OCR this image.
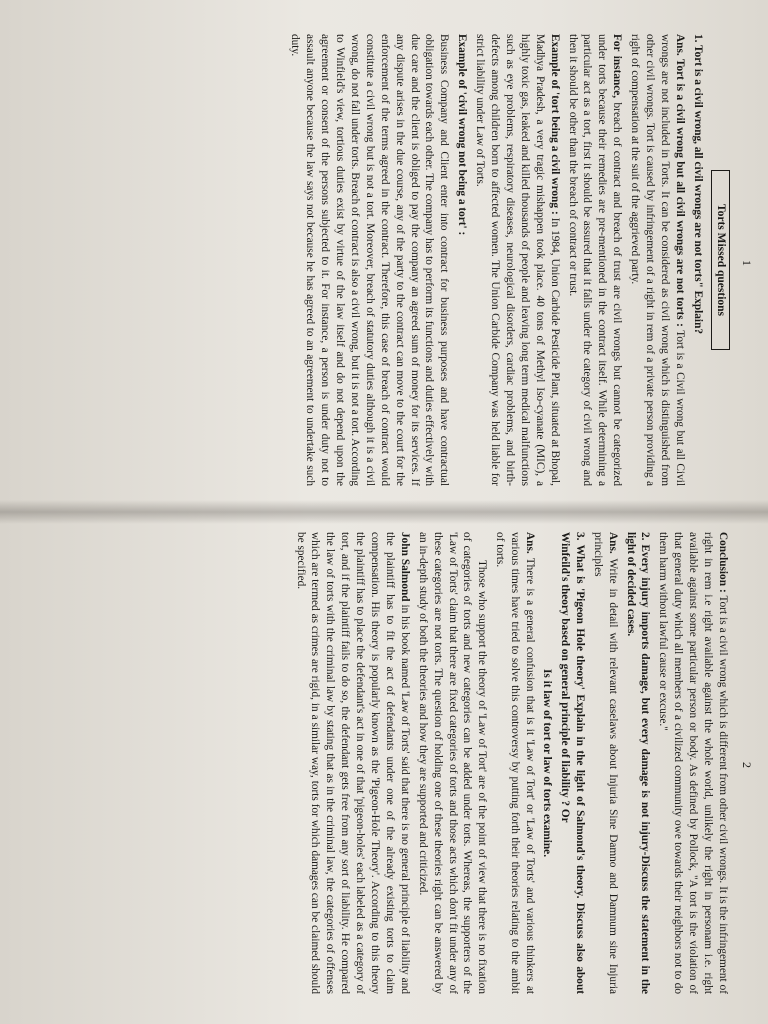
1
2
Torts Missed questions

1. Tort is a civil wrong, all civil wrongs are not torts" Explain?

Ans. Tort is a civil wrong but all civil wrongs are not torts : Tort is a Civil wrong but all Civil wrongs are not included in Torts. It can be considered as civil wrong which is distinguished from other civil wrongs. Tort is caused by infringement of a right in rem of a private person providing a right of compensation at the suit of the aggrieved party.

For instance, breach of contract and breach of trust are civil wrongs but cannot be categorized under torts because their remedies are pre-mentioned in the contract itself. While determining a particular act as a tort, first it should be assured that it falls under the category of civil wrong and then it should be other than the breach of contract or trust.

Example of 'tort being a civil wrong : In 1984, Union Carbide Pesticide Plant, situated at Bhopal, Madhya Pradesh, a very tragic mishappen took place. 40 tons of Methyl Iso-cyanate (MIC), a highly toxic gas, leaked and killed thousands of people and leaving long term medical malfunctions such as eye problems, respiratory diseases, neurological disorders, cardiac problems, and birth-defects among children born to affected women. The Union Carbide Company was held liable for strict liability under Law of Torts.

Example of 'civil wrong not being a tort' :

Business Company and Client enter into contract for business purposes and have contractual obligation towards each other. The company has to perform its functions and duties effectively with due care and the client is obliged to pay the company an agreed sum of money for its services. If any dispute arises in the due course, any of the party to the contract can move to the court for the enforcement of the terms agreed in the contract. Therefore, this case of breach of contract would constitute a civil wrong but is not a tort. Moreover, breach of statutory duties although it is a civil wrong, do not fall under torts. Breach of contract is also a civil wrong, but it is not a tort. According to Winfield's view, tortious duties exist by virtue of the law itself and do not depend upon the agreement or consent of the persons subjected to it. For instance, a person is under duty not to assault anyone because the law says not because he has agreed to an agreement to undertake such duty.

Conclusion : Tort is a civil wrong which is different from other civil wrongs. It is the infringement of right in rem i.e right available against the whole world, unlikely the right in personam i.e. right available against some particular person or body. As defined by Pollock, "A tort is the violation of that general duty which all members of a civilized community owe towards their neighbors not to do them harm without lawful cause or excuse."

2. Every injury imports damage, but every damage is not injury-Discuss the statement in the light of decided cases.

Ans. Write in detail with relevant caselaws about Injuria Sine Damno and Damnum sine Injuria principles

3. What is 'Pigeon Hole theory' Explain in the light of Salmond's theory. Discuss also about Winfeild's theory based on general principle of liability ? Or

Is it law of tort or law of torts examine.

Ans. There is a general confusion that is it 'Law of Tort' or 'Law of Torts' and various thinkers at various times have tried to solve this controversy by putting forth their theories relating to the ambit of torts.

Those who support the theory of 'Law of Tort' are of the point of view that there is no fixation of categories of torts and new categories can be added under torts. Whereas, the supporters of the 'Law of Torts' claim that there are fixed categories of torts and those acts which don't fit under any of these categories are not torts. The question of holding one of these theories right can be answered by an in-depth study of both the theories and how they are supported and criticized.

John Salmond in his book named 'Law of Torts' said that there is no general principle of liability and the plaintiff has to fit the act of defendants under one of the already existing torts to claim compensation. His theory is popularly known as the 'Pigeon-Hole Theory'. According to this theory the plaintiff has to place the defendant's act in one of that 'pigeon-holes' each labeled as a category of tort, and if the plaintiff fails to do so, the defendant gets free from any sort of liability. He compared the law of torts with the criminal law by stating that as in the criminal law, the categories of offenses which are termed as crimes are rigid, in a similar way, torts for which damages can be claimed should be specified.
